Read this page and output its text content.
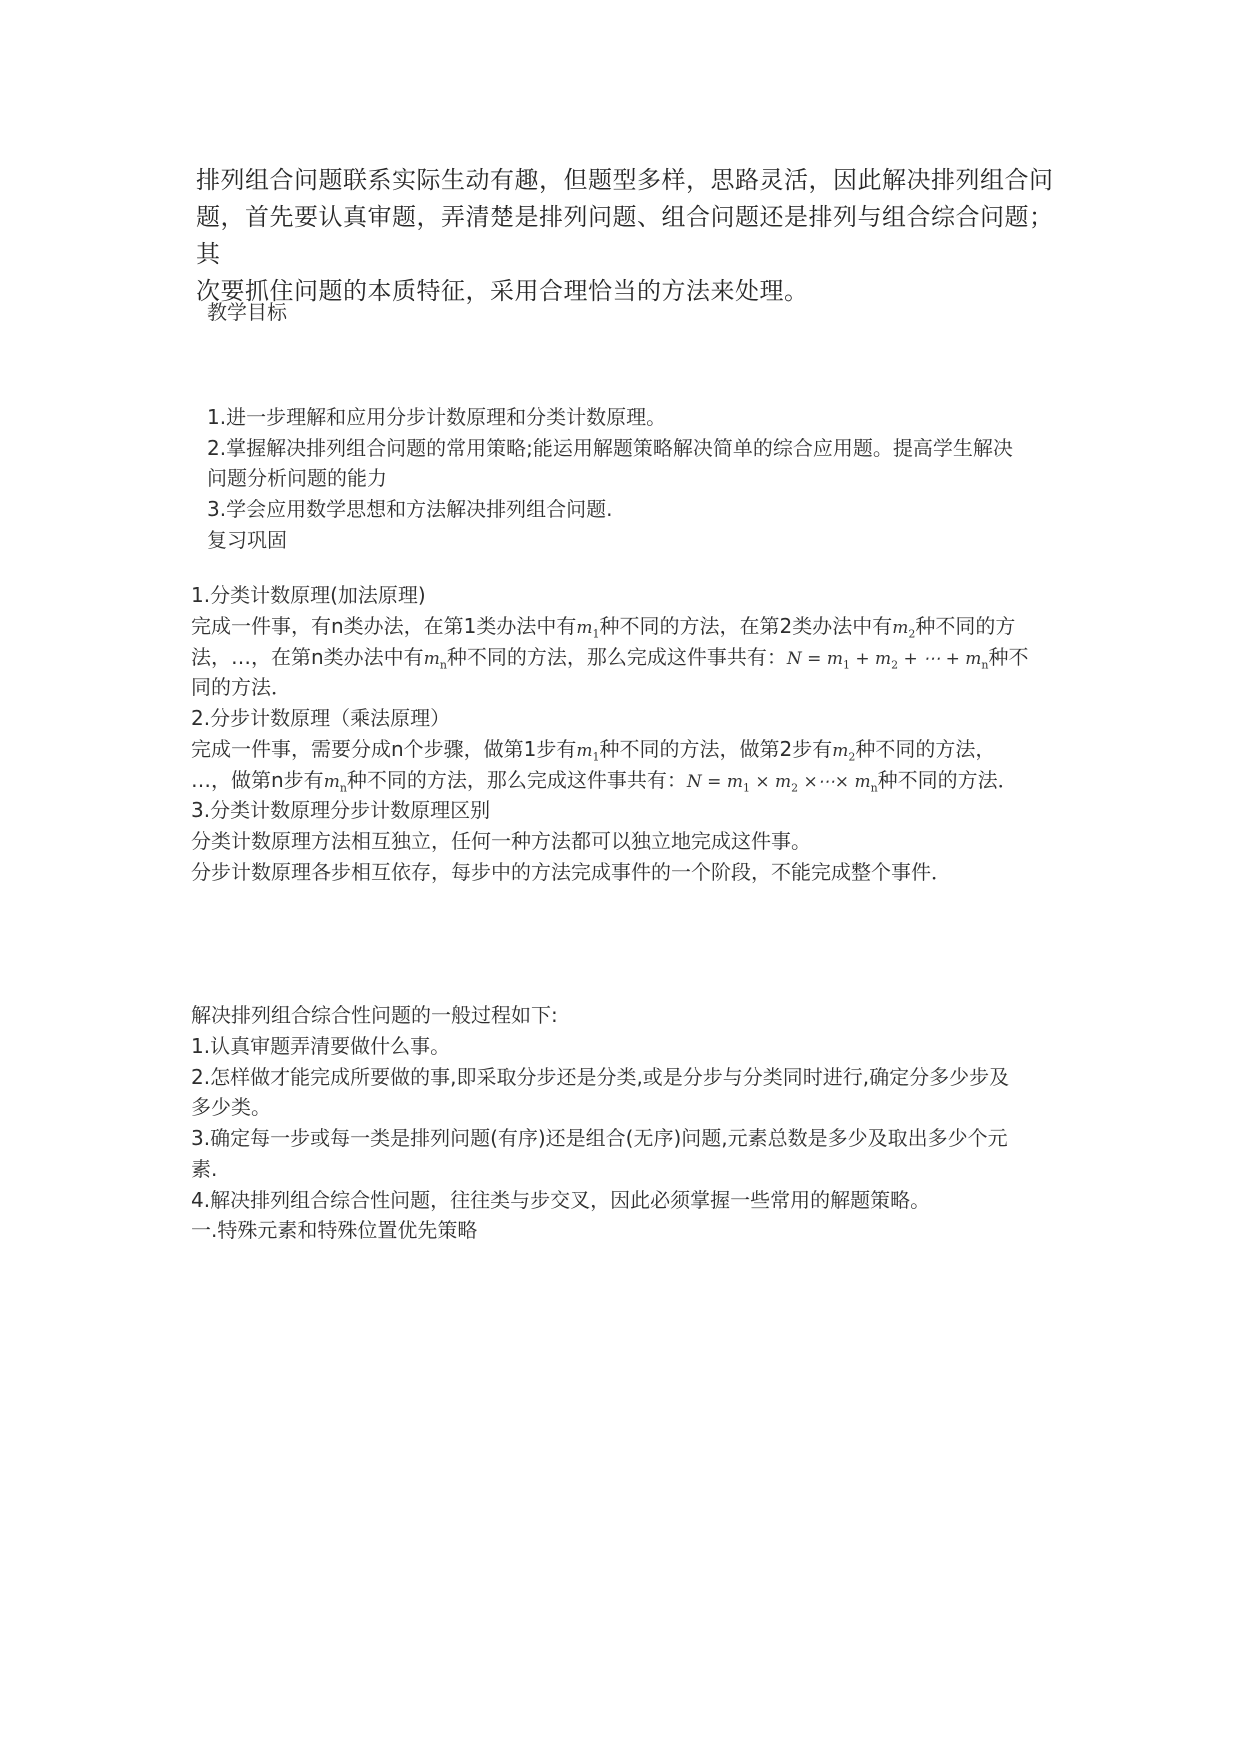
排列组合问题联系实际生动有趣，但题型多样，思路灵活，因此解决排列组合问

题，首先要认真审题，弄清楚是排列问题、组合问题还是排列与组合综合问题；其

次要抓住问题的本质特征，采用合理恰当的方法来处理。

教学目标
1.进一步理解和应用分步计数原理和分类计数原理。
2.掌握解决排列组合问题的常用策略;能运用解题策略解决简单的综合应用题。提高学生解决
问题分析问题的能力
3.学会应用数学思想和方法解决排列组合问题.
复习巩固
1.分类计数原理(加法原理)
完成一件事，有n类办法，在第1类办法中有$m_1$种不同的方法，在第2类办法中有$m_2$种不同的方
法，…，在第n类办法中有$m_n$种不同的方法，那么完成这件事共有：$N = m_1 + m_2$ + ⋯ + $m_n$种不
同的方法．
2.分步计数原理（乘法原理）
完成一件事，需要分成n个步骤，做第1步有$m_1$种不同的方法，做第2步有$m_2$种不同的方法，
…，做第n步有$m_n$种不同的方法，那么完成这件事共有：$N = m_1 \times m_2$ ×⋯× $m_n$种不同的方法．
3.分类计数原理分步计数原理区别
分类计数原理方法相互独立，任何一种方法都可以独立地完成这件事。
分步计数原理各步相互依存，每步中的方法完成事件的一个阶段，不能完成整个事件．
解决排列组合综合性问题的一般过程如下:
1.认真审题弄清要做什么事。
2.怎样做才能完成所要做的事,即采取分步还是分类,或是分步与分类同时进行,确定分多少步及
多少类。
3.确定每一步或每一类是排列问题(有序)还是组合(无序)问题,元素总数是多少及取出多少个元
素.
4.解决排列组合综合性问题，往往类与步交叉，因此必须掌握一些常用的解题策略。
一.特殊元素和特殊位置优先策略
